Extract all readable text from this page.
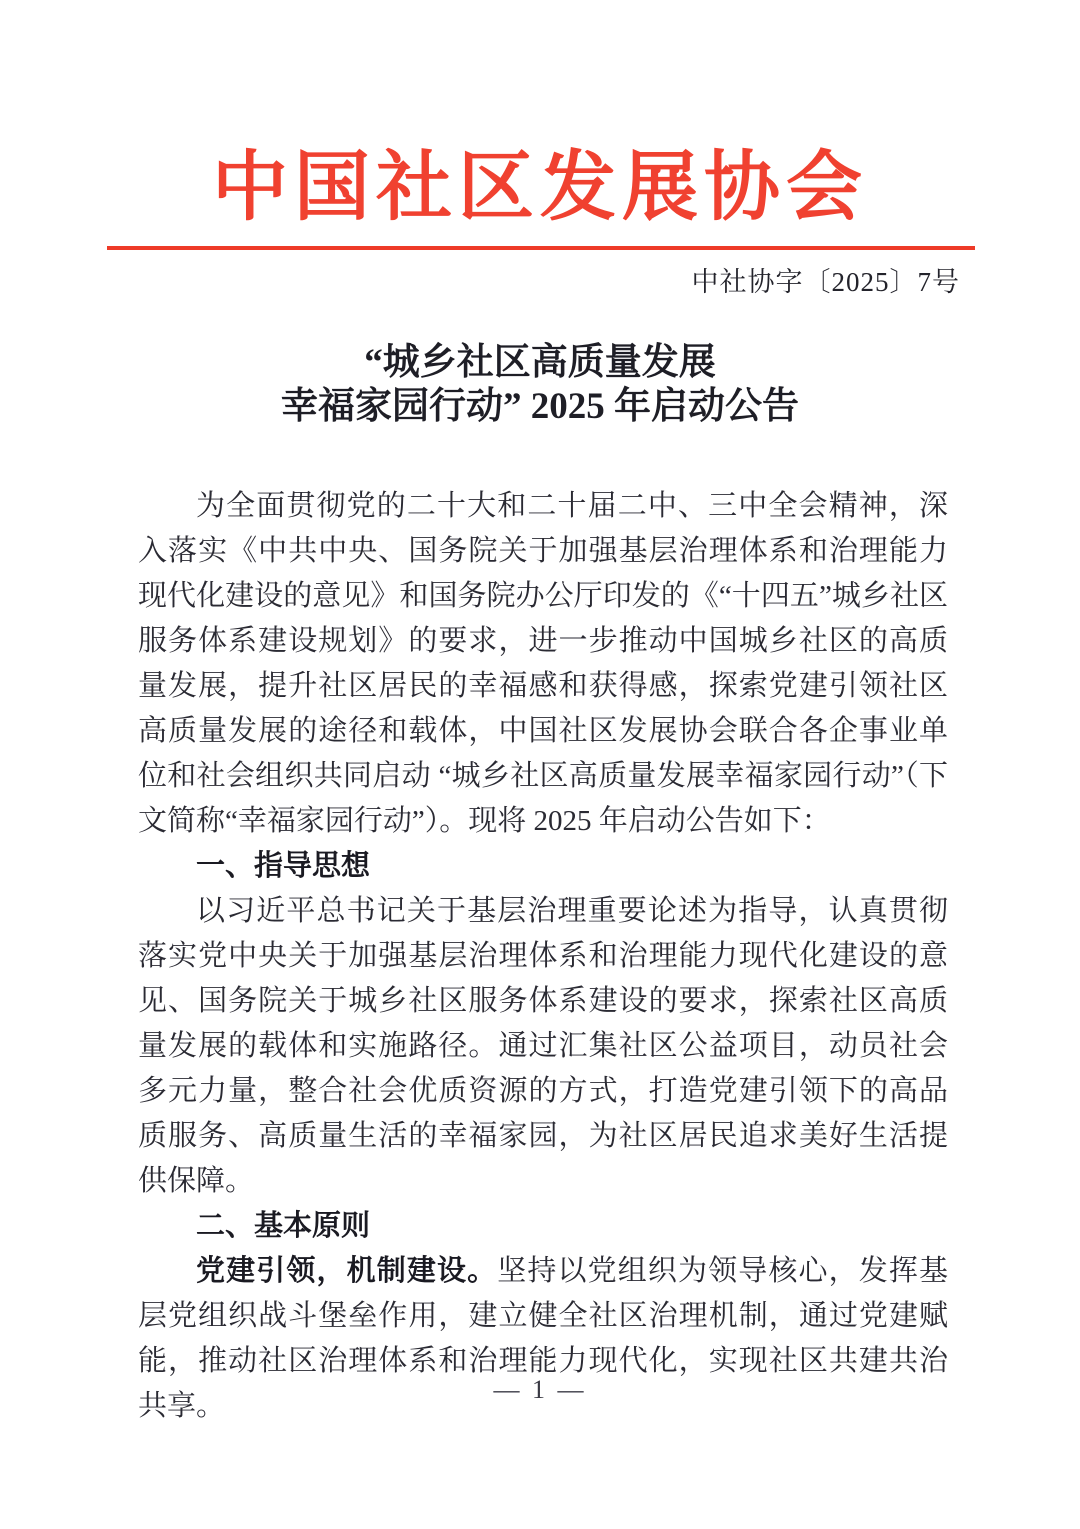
中国社区发展协会
中社协字〔2025〕7号
“城乡社区高质量发展
幸福家园行动” 2025 年启动公告

为全面贯彻党的二十大和二十届二中、三中全会精神，深入落实《中共中央、国务院关于加强基层治理体系和治理能力现代化建设的意见》和国务院办公厅印发的《“十四五”城乡社区服务体系建设规划》的要求，进一步推动中国城乡社区的高质量发展，提升社区居民的幸福感和获得感，探索党建引领社区高质量发展的途径和载体，中国社区发展协会联合各企事业单位和社会组织共同启动 “城乡社区高质量发展幸福家园行动”（下文简称“幸福家园行动”）。现将 2025 年启动公告如下：

一、指导思想

以习近平总书记关于基层治理重要论述为指导，认真贯彻落实党中央关于加强基层治理体系和治理能力现代化建设的意见、国务院关于城乡社区服务体系建设的要求，探索社区高质量发展的载体和实施路径。通过汇集社区公益项目，动员社会多元力量，整合社会优质资源的方式，打造党建引领下的高品质服务、高质量生活的幸福家园，为社区居民追求美好生活提供保障。

二、基本原则

党建引领，机制建设。坚持以党组织为领导核心，发挥基层党组织战斗堡垒作用，建立健全社区治理机制，通过党建赋能，推动社区治理体系和治理能力现代化，实现社区共建共治共享。

— 1 —
